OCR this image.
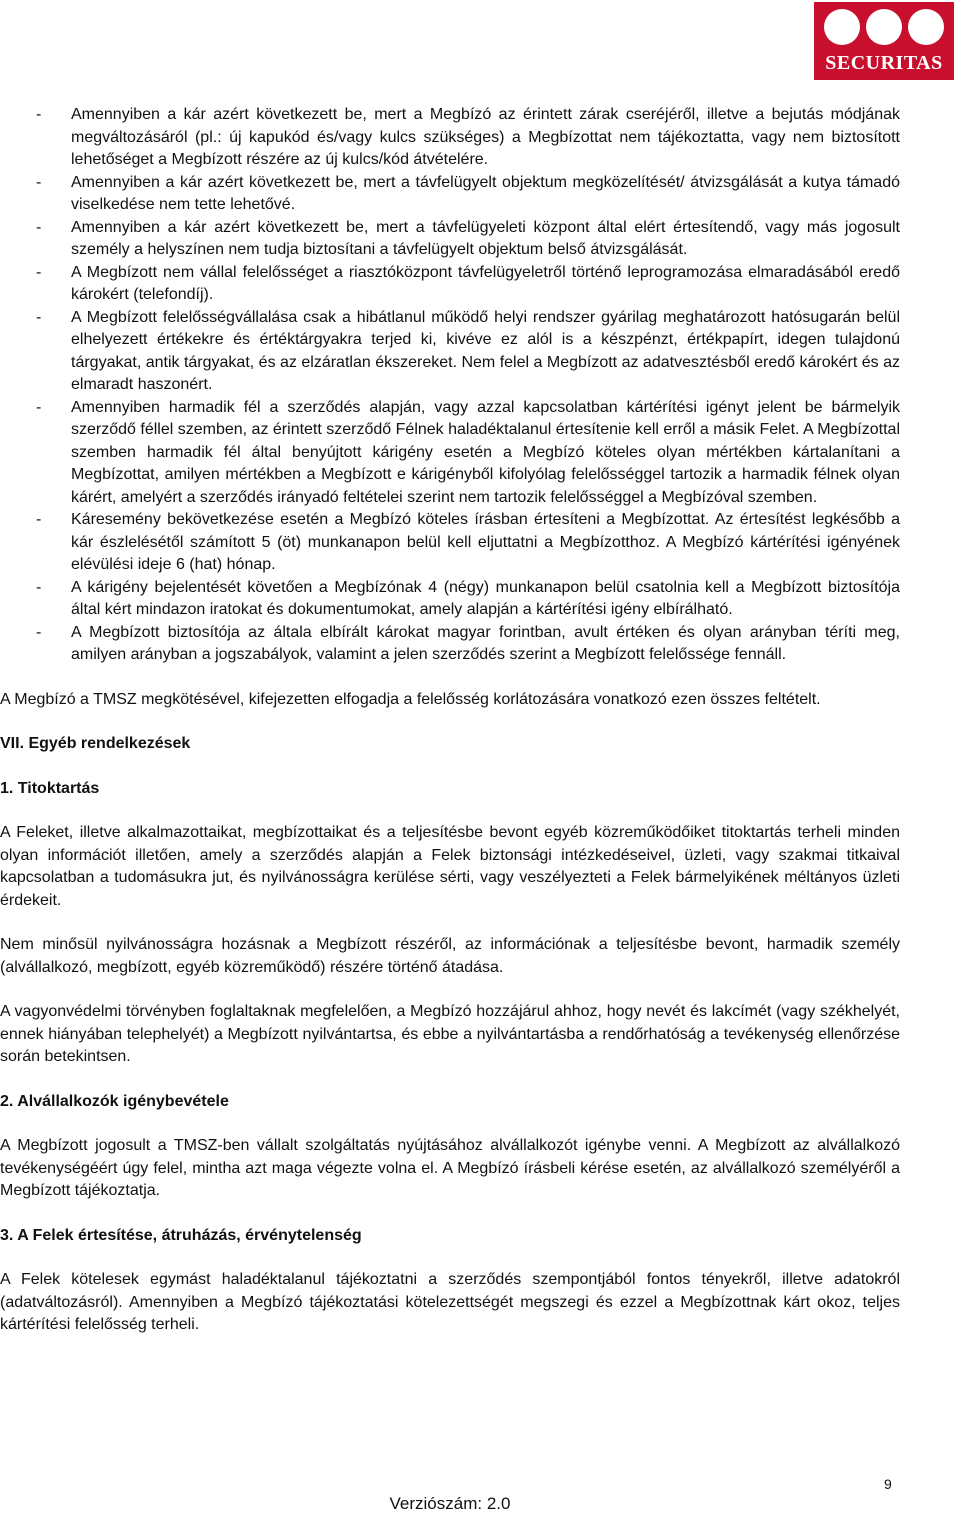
SECURITAS
- Amennyiben a kár azért következett be, mert a Megbízó az érintett zárak cseréjéről, illetve a bejutás módjának megváltozásáról (pl.: új kapukód és/vagy kulcs szükséges) a Megbízottat nem tájékoztatta, vagy nem biztosított lehetőséget a Megbízott részére az új kulcs/kód átvételére.
- Amennyiben a kár azért következett be, mert a távfelügyelt objektum megközelítését/ átvizsgálását a kutya támadó viselkedése nem tette lehetővé.
- Amennyiben a kár azért következett be, mert a távfelügyeleti központ által elért értesítendő, vagy más jogosult személy a helyszínen nem tudja biztosítani a távfelügyelt objektum belső átvizsgálását.
- A Megbízott nem vállal felelősséget a riasztóközpont távfelügyeletről történő leprogramozása elmaradásából eredő károkért (telefondíj).
- A Megbízott felelősségvállalása csak a hibátlanul működő helyi rendszer gyárilag meghatározott hatósugarán belül elhelyezett értékekre és értéktárgyakra terjed ki, kivéve ez alól is a készpénzt, értékpapírt, idegen tulajdonú tárgyakat, antik tárgyakat, és az elzáratlan ékszereket. Nem felel a Megbízott az adatvesztésből eredő károkért és az elmaradt haszonért.
- Amennyiben harmadik fél a szerződés alapján, vagy azzal kapcsolatban kártérítési igényt jelent be bármelyik szerződő féllel szemben, az érintett szerződő Félnek haladéktalanul értesítenie kell erről a másik Felet. A Megbízottal szemben harmadik fél által benyújtott kárigény esetén a Megbízó köteles olyan mértékben kártalanítani a Megbízottat, amilyen mértékben a Megbízott e kárigényből kifolyólag felelősséggel tartozik a harmadik félnek olyan kárért, amelyért a szerződés irányadó feltételei szerint nem tartozik felelősséggel a Megbízóval szemben.
- Káresemény bekövetkezése esetén a Megbízó köteles írásban értesíteni a Megbízottat. Az értesítést legkésőbb a kár észlelésétől számított 5 (öt) munkanapon belül kell eljuttatni a Megbízotthoz. A Megbízó kártérítési igényének elévülési ideje 6 (hat) hónap.
- A kárigény bejelentését követően a Megbízónak 4 (négy) munkanapon belül csatolnia kell a Megbízott biztosítója által kért mindazon iratokat és dokumentumokat, amely alapján a kártérítési igény elbírálható.
- A Megbízott biztosítója az általa elbírált károkat magyar forintban, avult értéken és olyan arányban téríti meg, amilyen arányban a jogszabályok, valamint a jelen szerződés szerint a Megbízott felelőssége fennáll.

A Megbízó a TMSZ megkötésével, kifejezetten elfogadja a felelősség korlátozására vonatkozó ezen összes feltételt.

VII. Egyéb rendelkezések
1. Titoktartás

A Feleket, illetve alkalmazottaikat, megbízottaikat és a teljesítésbe bevont egyéb közreműködőiket titoktartás terheli minden olyan információt illetően, amely a szerződés alapján a Felek biztonsági intézkedéseivel, üzleti, vagy szakmai titkaival kapcsolatban a tudomásukra jut, és nyilvánosságra kerülése sérti, vagy veszélyezteti a Felek bármelyikének méltányos üzleti érdekeit.

Nem minősül nyilvánosságra hozásnak a Megbízott részéről, az információnak a teljesítésbe bevont, harmadik személy (alvállalkozó, megbízott, egyéb közreműködő) részére történő átadása.

A vagyonvédelmi törvényben foglaltaknak megfelelően, a Megbízó hozzájárul ahhoz, hogy nevét és lakcímét (vagy székhelyét, ennek hiányában telephelyét) a Megbízott nyilvántartsa, és ebbe a nyilvántartásba a rendőrhatóság a tevékenység ellenőrzése során betekintsen.

2. Alvállalkozók igénybevétele

A Megbízott jogosult a TMSZ-ben vállalt szolgáltatás nyújtásához alvállalkozót igénybe venni. A Megbízott az alvállalkozó tevékenységéért úgy felel, mintha azt maga végezte volna el. A Megbízó írásbeli kérése esetén, az alvállalkozó személyéről a Megbízott tájékoztatja.

3. A Felek értesítése, átruházás, érvénytelenség

A Felek kötelesek egymást haladéktalanul tájékoztatni a szerződés szempontjából fontos tényekről, illetve adatokról (adatváltozásról). Amennyiben a Megbízó tájékoztatási kötelezettségét megszegi és ezzel a Megbízottnak kárt okoz, teljes kártérítési felelősség terheli.

9
Verziószám: 2.0
